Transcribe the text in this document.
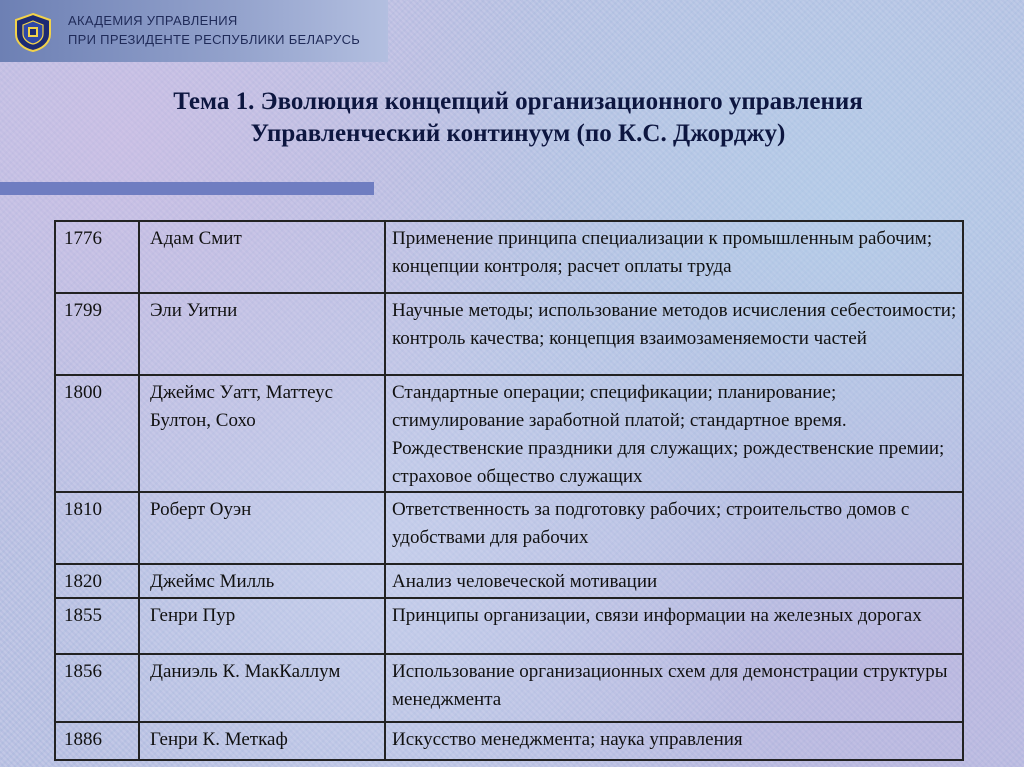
АКАДЕМИЯ УПРАВЛЕНИЯ
ПРИ ПРЕЗИДЕНТЕ РЕСПУБЛИКИ БЕЛАРУСЬ
Тема 1. Эволюция концепций организационного управления
Управленческий континуум (по К.С. Джорджу)
1776	Адам Смит	Применение принципа специализации к промышленным рабочим; концепции контроля; расчет оплаты труда
1799	Эли Уитни	Научные методы; использование методов исчисления себестоимости; контроль качества; концепция взаимозаменяемости частей
1800	Джеймс Уатт, Маттеус Бултон, Сохо	Стандартные операции; спецификации; планирование; стимулирование заработной платой; стандартное время. Рождественские праздники для служащих; рождественские премии; страховое общество служащих
1810	Роберт Оуэн	Ответственность за подготовку рабочих; строительство домов с удобствами для рабочих
1820	Джеймс Милль	Анализ человеческой мотивации
1855	Генри Пур	Принципы организации, связи информации на железных дорогах
1856	Даниэль К. МакКаллум	Использование организационных схем для демонстрации структуры менеджмента
1886	Генри К. Меткаф	Искусство менеджмента; наука управления
